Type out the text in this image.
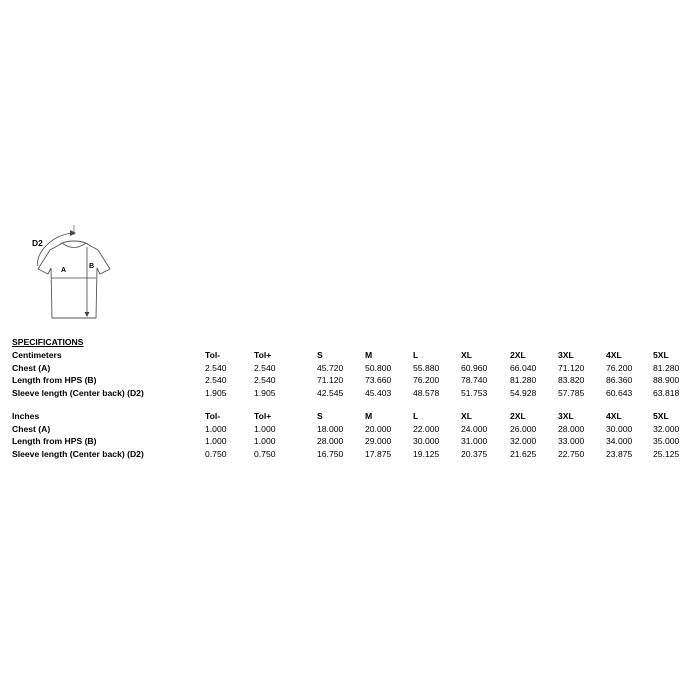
D2
A
B
SPECIFICATIONS
Centimeters	Tol-	Tol+	S	M	L	XL	2XL	3XL	4XL	5XL
Chest (A)	2.540	2.540	45.720	50.800	55.880	60.960	66.040	71.120	76.200	81.280
Length from HPS (B)	2.540	2.540	71.120	73.660	76.200	78.740	81.280	83.820	86.360	88.900
Sleeve length (Center back) (D2)	1.905	1.905	42.545	45.403	48.578	51.753	54.928	57.785	60.643	63.818

Inches	Tol-	Tol+	S	M	L	XL	2XL	3XL	4XL	5XL
Chest (A)	1.000	1.000	18.000	20.000	22.000	24.000	26.000	28.000	30.000	32.000
Length from HPS (B)	1.000	1.000	28.000	29.000	30.000	31.000	32.000	33.000	34.000	35.000
Sleeve length (Center back) (D2)	0.750	0.750	16.750	17.875	19.125	20.375	21.625	22.750	23.875	25.125
